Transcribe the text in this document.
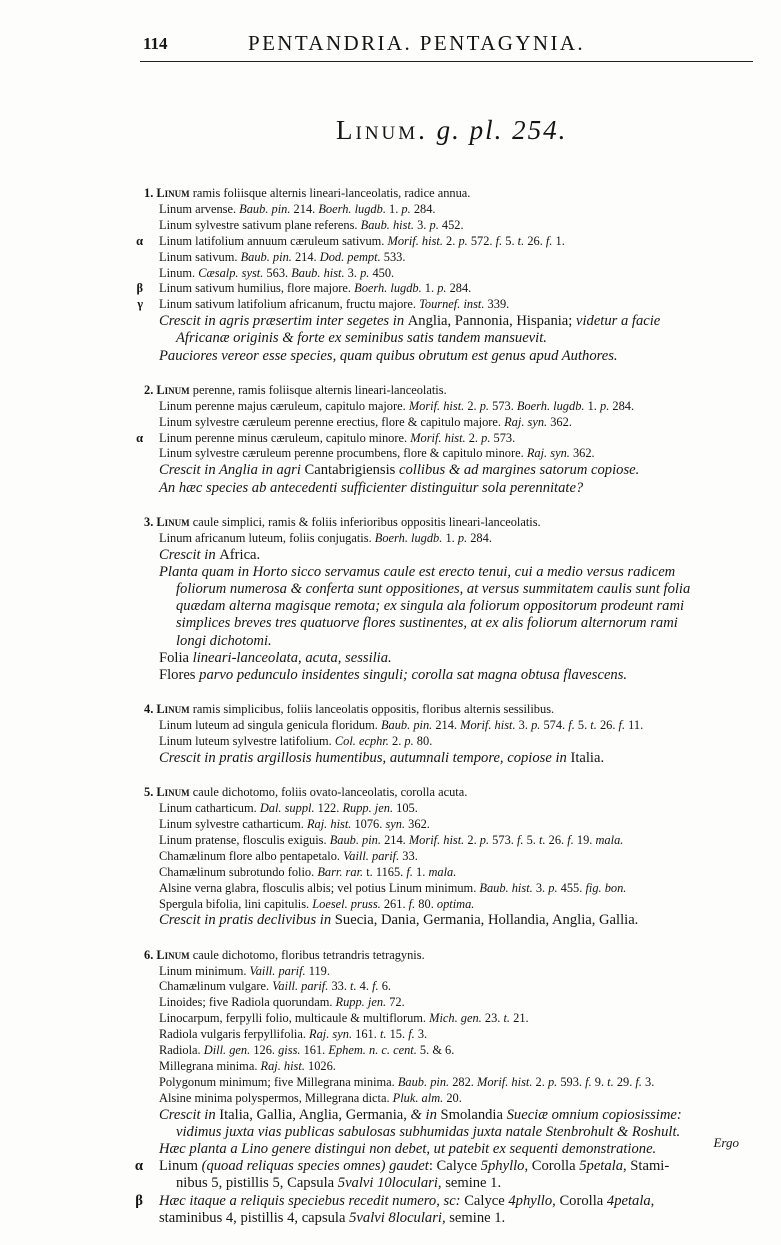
114	PENTANDRIA. PENTAGYNIA.
Linum. g. pl. 254.
1. Linum ramis foliisque alternis lineari-lanceolatis, radice annua.
Linum arvense. Baub. pin. 214. Boerh. lugdb. 1. p. 284.
Linum sylvestre sativum plane referens. Baub. hist. 3. p. 452.
α Linum latifolium annuum cæruleum sativum. Morif. hist. 2. p. 572. f. 5. t. 26. f. 1.
Linum sativum. Baub. pin. 214. Dod. pempt. 533.
Linum. Cæsalp. syst. 563. Baub. hist. 3. p. 450.
β Linum sativum humilius, flore majore. Boerh. lugdb. 1. p. 284.
γ Linum sativum latifolium africanum, fructu majore. Tournef. inst. 339.
Crescit in agris præsertim inter segetes in Anglia, Pannonia, Hispania; videtur a facie
Africanæ originis & forte ex seminibus satis tandem mansuevit.
Pauciores vereor esse species, quam quibus obrutum est genus apud Authores.
2. Linum perenne, ramis foliisque alternis lineari-lanceolatis.
Linum perenne majus cæruleum, capitulo majore. Morif. hist. 2. p. 573. Boerh. lugdb. 1. p. 284.
Linum sylvestre cæruleum perenne erectius, flore & capitulo majore. Raj. syn. 362.
α Linum perenne minus cæruleum, capitulo minore. Morif. hist. 2. p. 573.
Linum sylvestre cæruleum perenne procumbens, flore & capitulo minore. Raj. syn. 362.
Crescit in Anglia in agri Cantabrigiensis collibus & ad margines satorum copiose.
An hæc species ab antecedenti sufficienter distinguitur sola perennitate?
3. Linum caule simplici, ramis & foliis inferioribus oppositis lineari-lanceolatis.
Linum africanum luteum, foliis conjugatis. Boerh. lugdb. 1. p. 284.
Crescit in Africa.
Planta quam in Horto sicco servamus caule est erecto tenui, cui a medio versus radicem
foliorum numerosa & conferta sunt oppositiones, at versus summitatem caulis sunt folia
quædam alterna magisque remota; ex singula ala foliorum oppositorum prodeunt rami
simplices breves tres quatuorve flores sustinentes, at ex alis foliorum alternorum rami
longi dichotomi.
Folia lineari-lanceolata, acuta, sessilia.
Flores parvo pedunculo insidentes singuli; corolla sat magna obtusa flavescens.
4. Linum ramis simplicibus, foliis lanceolatis oppositis, floribus alternis sessilibus.
Linum luteum ad singula genicula floridum. Baub. pin. 214. Morif. hist. 3. p. 574. f. 5. t. 26. f. 11.
Linum luteum sylvestre latifolium. Col. ecphr. 2. p. 80.
Crescit in pratis argillosis humentibus, autumnali tempore, copiose in Italia.
5. Linum caule dichotomo, foliis ovato-lanceolatis, corolla acuta.
Linum catharticum. Dal. suppl. 122. Rupp. jen. 105.
Linum sylvestre catharticum. Raj. hist. 1076. syn. 362.
Linum pratense, flosculis exiguis. Baub. pin. 214. Morif. hist. 2. p. 573. f. 5. t. 26. f. 19. mala.
Chamælinum flore albo pentapetalo. Vaill. parif. 33.
Chamælinum subrotundo folio. Barr. rar. t. 1165. f. 1. mala.
Alsine verna glabra, flosculis albis; vel potius Linum minimum. Baub. hist. 3. p. 455. fig. bon.
Spergula bifolia, lini capitulis. Loesel. pruss. 261. f. 80. optima.
Crescit in pratis declivibus in Suecia, Dania, Germania, Hollandia, Anglia, Gallia.
6. Linum caule dichotomo, floribus tetrandris tetragynis.
Linum minimum. Vaill. parif. 119.
Chamælinum vulgare. Vaill. parif. 33. t. 4. f. 6.
Linoides; five Radiola quorundam. Rupp. jen. 72.
Linocarpum, ferpylli folio, multicaule & multiflorum. Mich. gen. 23. t. 21.
Radiola vulgaris ferpyllifolia. Raj. syn. 161. t. 15. f. 3.
Radiola. Dill. gen. 126. giss. 161. Ephem. n. c. cent. 5. & 6.
Millegrana minima. Raj. hist. 1026.
Polygonum minimum; five Millegrana minima. Baub. pin. 282. Morif. hist. 2. p. 593. f. 9. t. 29. f. 3.
Alsine minima polyspermos, Millegrana dicta. Pluk. alm. 20.
Crescit in Italia, Gallia, Anglia, Germania, & in Smolandia Sueciæ omnium copiosissime:
vidimus juxta vias publicas sabulosas subhumidas juxta natale Stenbrohult & Roshult.
Hæc planta a Lino genere distingui non debet, ut patebit ex sequenti demonstratione.
α Linum (quoad reliquas species omnes) gaudet: Calyce 5phyllo, Corolla 5petala, Stami-
nibus 5, pistillis 5, Capsula 5valvi 10loculari, semine 1.
β Hæc itaque a reliquis speciebus recedit numero, sc: Calyce 4phyllo, Corolla 4petala,
staminibus 4, pistillis 4, capsula 5valvi 8loculari, semine 1.
Ergo
